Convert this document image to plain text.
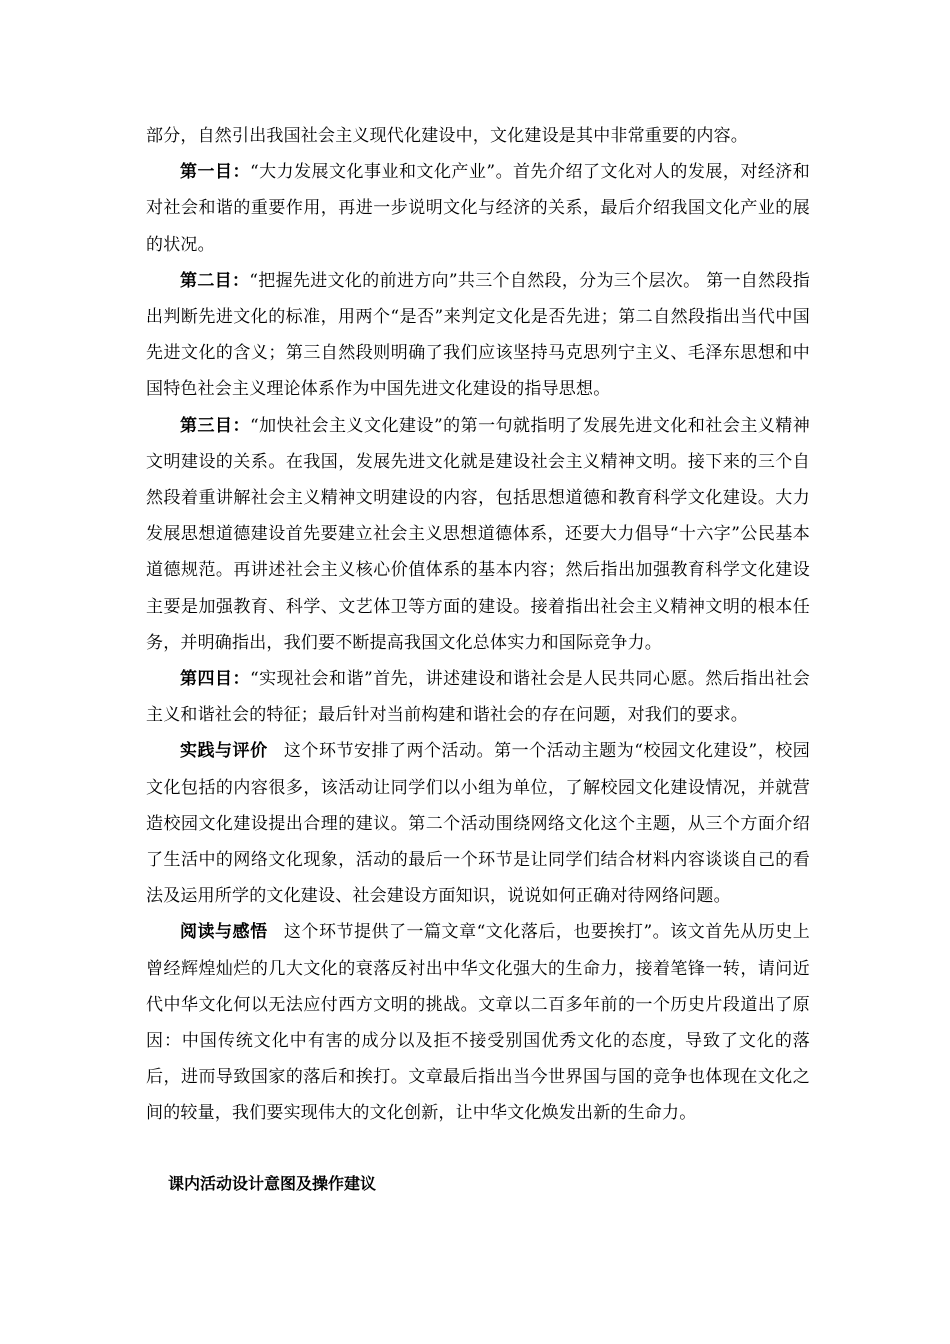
部分，自然引出我国社会主义现代化建设中，文化建设是其中非常重要的内容。

第一目：“大力发展文化事业和文化产业”。首先介绍了文化对人的发展，对经济和对社会和谐的重要作用，再进一步说明文化与经济的关系，最后介绍我国文化产业的展的状况。

第二目：“把握先进文化的前进方向”共三个自然段，分为三个层次。 第一自然段指出判断先进文化的标准，用两个“是否”来判定文化是否先进；第二自然段指出当代中国先进文化的含义；第三自然段则明确了我们应该坚持马克思列宁主义、毛泽东思想和中国特色社会主义理论体系作为中国先进文化建设的指导思想。

第三目：“加快社会主义文化建设”的第一句就指明了发展先进文化和社会主义精神文明建设的关系。在我国，发展先进文化就是建设社会主义精神文明。接下来的三个自然段着重讲解社会主义精神文明建设的内容，包括思想道德和教育科学文化建设。大力发展思想道德建设首先要建立社会主义思想道德体系，还要大力倡导“十六字”公民基本道德规范。再讲述社会主义核心价值体系的基本内容；然后指出加强教育科学文化建设主要是加强教育、科学、文艺体卫等方面的建设。接着指出社会主义精神文明的根本任务，并明确指出，我们要不断提高我国文化总体实力和国际竞争力。

第四目：“实现社会和谐”首先，讲述建设和谐社会是人民共同心愿。然后指出社会主义和谐社会的特征；最后针对当前构建和谐社会的存在问题，对我们的要求。

实践与评价 这个环节安排了两个活动。第一个活动主题为“校园文化建设”，校园文化包括的内容很多，该活动让同学们以小组为单位，了解校园文化建设情况，并就营造校园文化建设提出合理的建议。第二个活动围绕网络文化这个主题，从三个方面介绍了生活中的网络文化现象，活动的最后一个环节是让同学们结合材料内容谈谈自己的看法及运用所学的文化建设、社会建设方面知识，说说如何正确对待网络问题。

阅读与感悟 这个环节提供了一篇文章“文化落后，也要挨打”。该文首先从历史上曾经辉煌灿烂的几大文化的衰落反衬出中华文化强大的生命力，接着笔锋一转，请问近代中华文化何以无法应付西方文明的挑战。文章以二百多年前的一个历史片段道出了原因：中国传统文化中有害的成分以及拒不接受别国优秀文化的态度，导致了文化的落后，进而导致国家的落后和挨打。文章最后指出当今世界国与国的竞争也体现在文化之间的较量，我们要实现伟大的文化创新，让中华文化焕发出新的生命力。

课内活动设计意图及操作建议
